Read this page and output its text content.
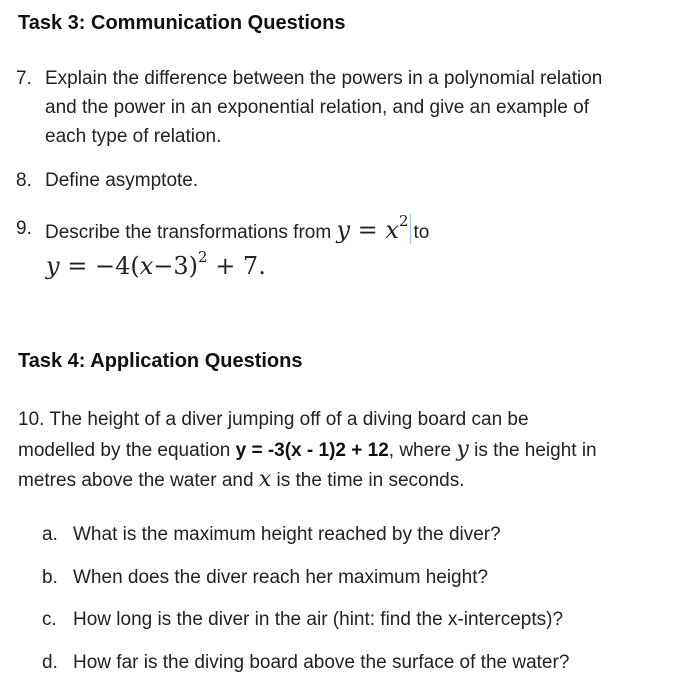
Task 3: Communication Questions
7. Explain the difference between the powers in a polynomial relation
and the power in an exponential relation, and give an example of
each type of relation.
8. Define asymptote.
9. Describe the transformations from $y = x^2to$
$y = -4(x-3)^2 + 7$.
Task 4: Application Questions
10. The height of a diver jumping off of a diving board can be
modelled by the equation y = -3(x - 1)2 + 12, where y is the height in
metres above the water and x is the time in seconds.
a. What is the maximum height reached by the diver?
b. When does the diver reach her maximum height?
c. How long is the diver in the air (hint: find the x-intercepts)?
d. How far is the diving board above the surface of the water?
